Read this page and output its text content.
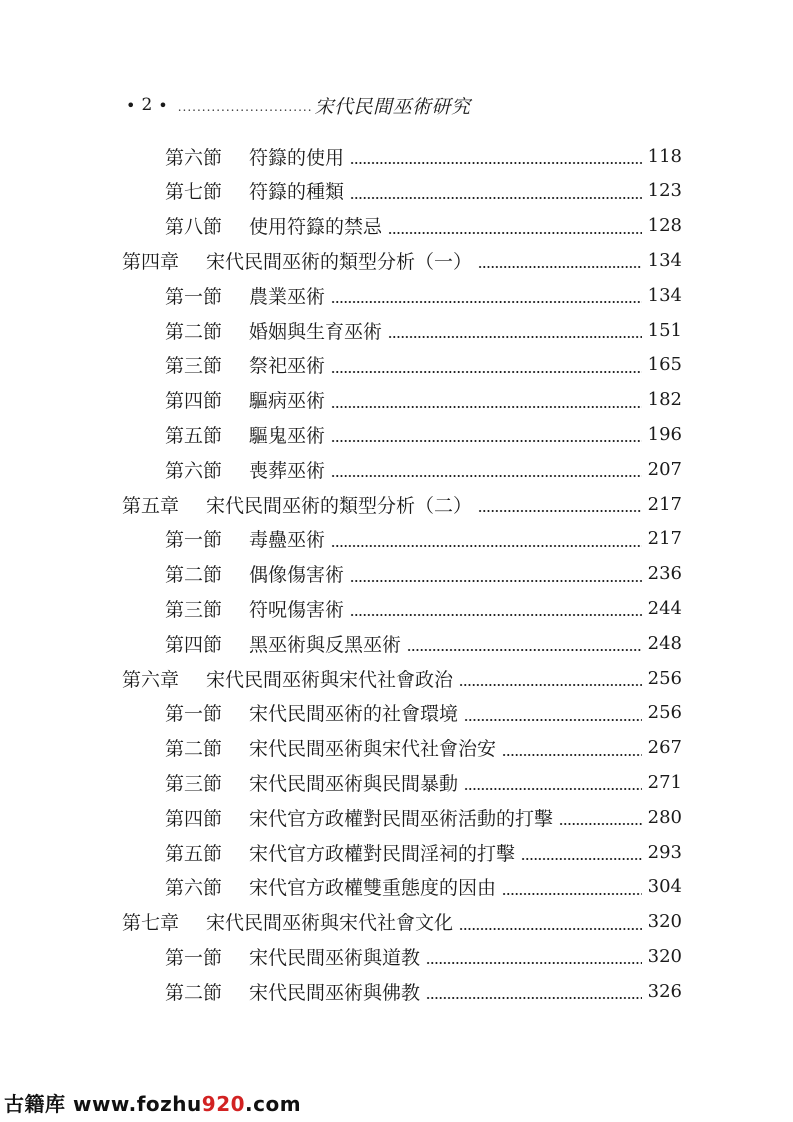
• 2 • ............................ 宋代民間巫術研究
第六節	符籙的使用	118
第七節	符籙的種類	123
第八節	使用符籙的禁忌	128
第四章	宋代民間巫術的類型分析（一）	134
第一節	農業巫術	134
第二節	婚姻與生育巫術	151
第三節	祭祀巫術	165
第四節	驅病巫術	182
第五節	驅鬼巫術	196
第六節	喪葬巫術	207
第五章	宋代民間巫術的類型分析（二）	217
第一節	毒蠱巫術	217
第二節	偶像傷害術	236
第三節	符呪傷害術	244
第四節	黑巫術與反黑巫術	248
第六章	宋代民間巫術與宋代社會政治	256
第一節	宋代民間巫術的社會環境	256
第二節	宋代民間巫術與宋代社會治安	267
第三節	宋代民間巫術與民間暴動	271
第四節	宋代官方政權對民間巫術活動的打擊	280
第五節	宋代官方政權對民間淫祠的打擊	293
第六節	宋代官方政權雙重態度的因由	304
第七章	宋代民間巫術與宋代社會文化	320
第一節	宋代民間巫術與道教	320
第二節	宋代民間巫術與佛教	326
古籍库 www.fozhu920.com
